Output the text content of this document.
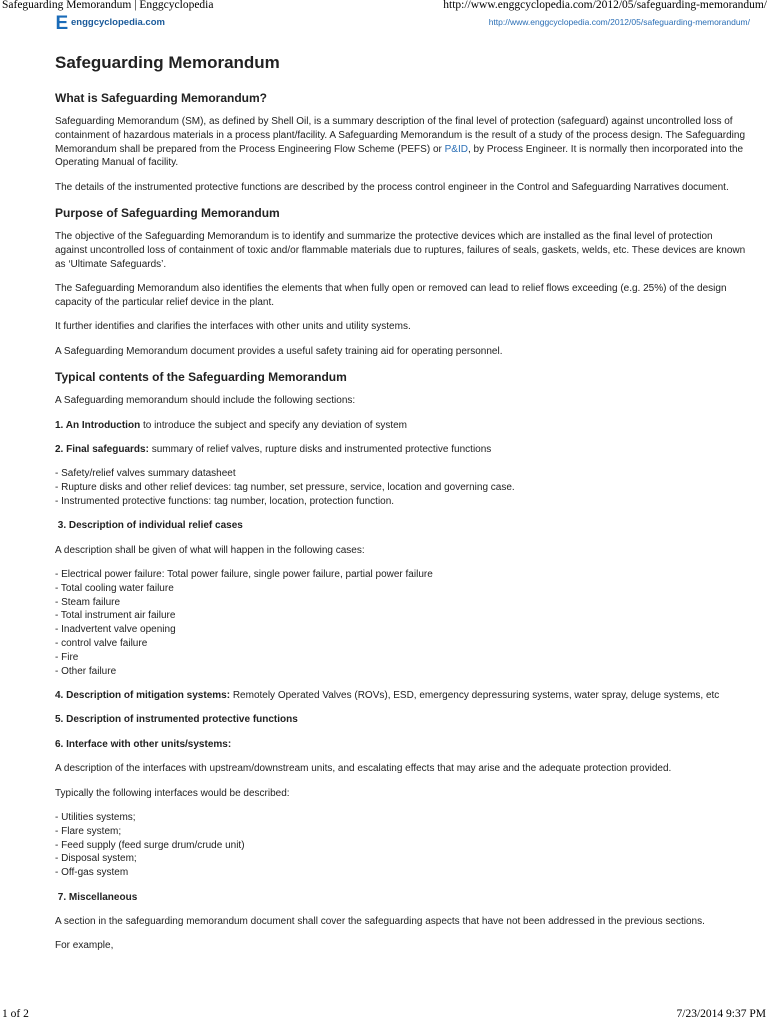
Safeguarding Memorandum | Enggcyclopedia	http://www.enggcyclopedia.com/2012/05/safeguarding-memorandum/
E enggcyclopedia.com	http://www.enggcyclopedia.com/2012/05/safeguarding-memorandum/
Safeguarding Memorandum
What is Safeguarding Memorandum?

Safeguarding Memorandum (SM), as defined by Shell Oil, is a summary description of the final level of protection (safeguard) against uncontrolled loss of containment of hazardous materials in a process plant/facility. A Safeguarding Memorandum is the result of a study of the process design. The Safeguarding Memorandum shall be prepared from the Process Engineering Flow Scheme (PEFS) or P&ID, by Process Engineer. It is normally then incorporated into the Operating Manual of facility.

The details of the instrumented protective functions are described by the process control engineer in the Control and Safeguarding Narratives document.

Purpose of Safeguarding Memorandum

The objective of the Safeguarding Memorandum is to identify and summarize the protective devices which are installed as the final level of protection against uncontrolled loss of containment of toxic and/or flammable materials due to ruptures, failures of seals, gaskets, welds, etc. These devices are known as ‘Ultimate Safeguards’.

The Safeguarding Memorandum also identifies the elements that when fully open or removed can lead to relief flows exceeding (e.g. 25%) of the design capacity of the particular relief device in the plant.

It further identifies and clarifies the interfaces with other units and utility systems.

A Safeguarding Memorandum document provides a useful safety training aid for operating personnel.

Typical contents of the Safeguarding Memorandum

A Safeguarding memorandum should include the following sections:

1. An Introduction to introduce the subject and specify any deviation of system

2. Final safeguards: summary of relief valves, rupture disks and instrumented protective functions

- Safety/relief valves summary datasheet
- Rupture disks and other relief devices: tag number, set pressure, service, location and governing case.
- Instrumented protective functions: tag number, location, protection function.

3. Description of individual relief cases

A description shall be given of what will happen in the following cases:

- Electrical power failure: Total power failure, single power failure, partial power failure
- Total cooling water failure
- Steam failure
- Total instrument air failure
- Inadvertent valve opening
- control valve failure
- Fire
- Other failure

4. Description of mitigation systems: Remotely Operated Valves (ROVs), ESD, emergency depressuring systems, water spray, deluge systems, etc

5. Description of instrumented protective functions

6. Interface with other units/systems:

A description of the interfaces with upstream/downstream units, and escalating effects that may arise and the adequate protection provided.

Typically the following interfaces would be described:

- Utilities systems;
- Flare system;
- Feed supply (feed surge drum/crude unit)
- Disposal system;
- Off-gas system

7. Miscellaneous

A section in the safeguarding memorandum document shall cover the safeguarding aspects that have not been addressed in the previous sections.

For example,

1 of 2	7/23/2014 9:37 PM
